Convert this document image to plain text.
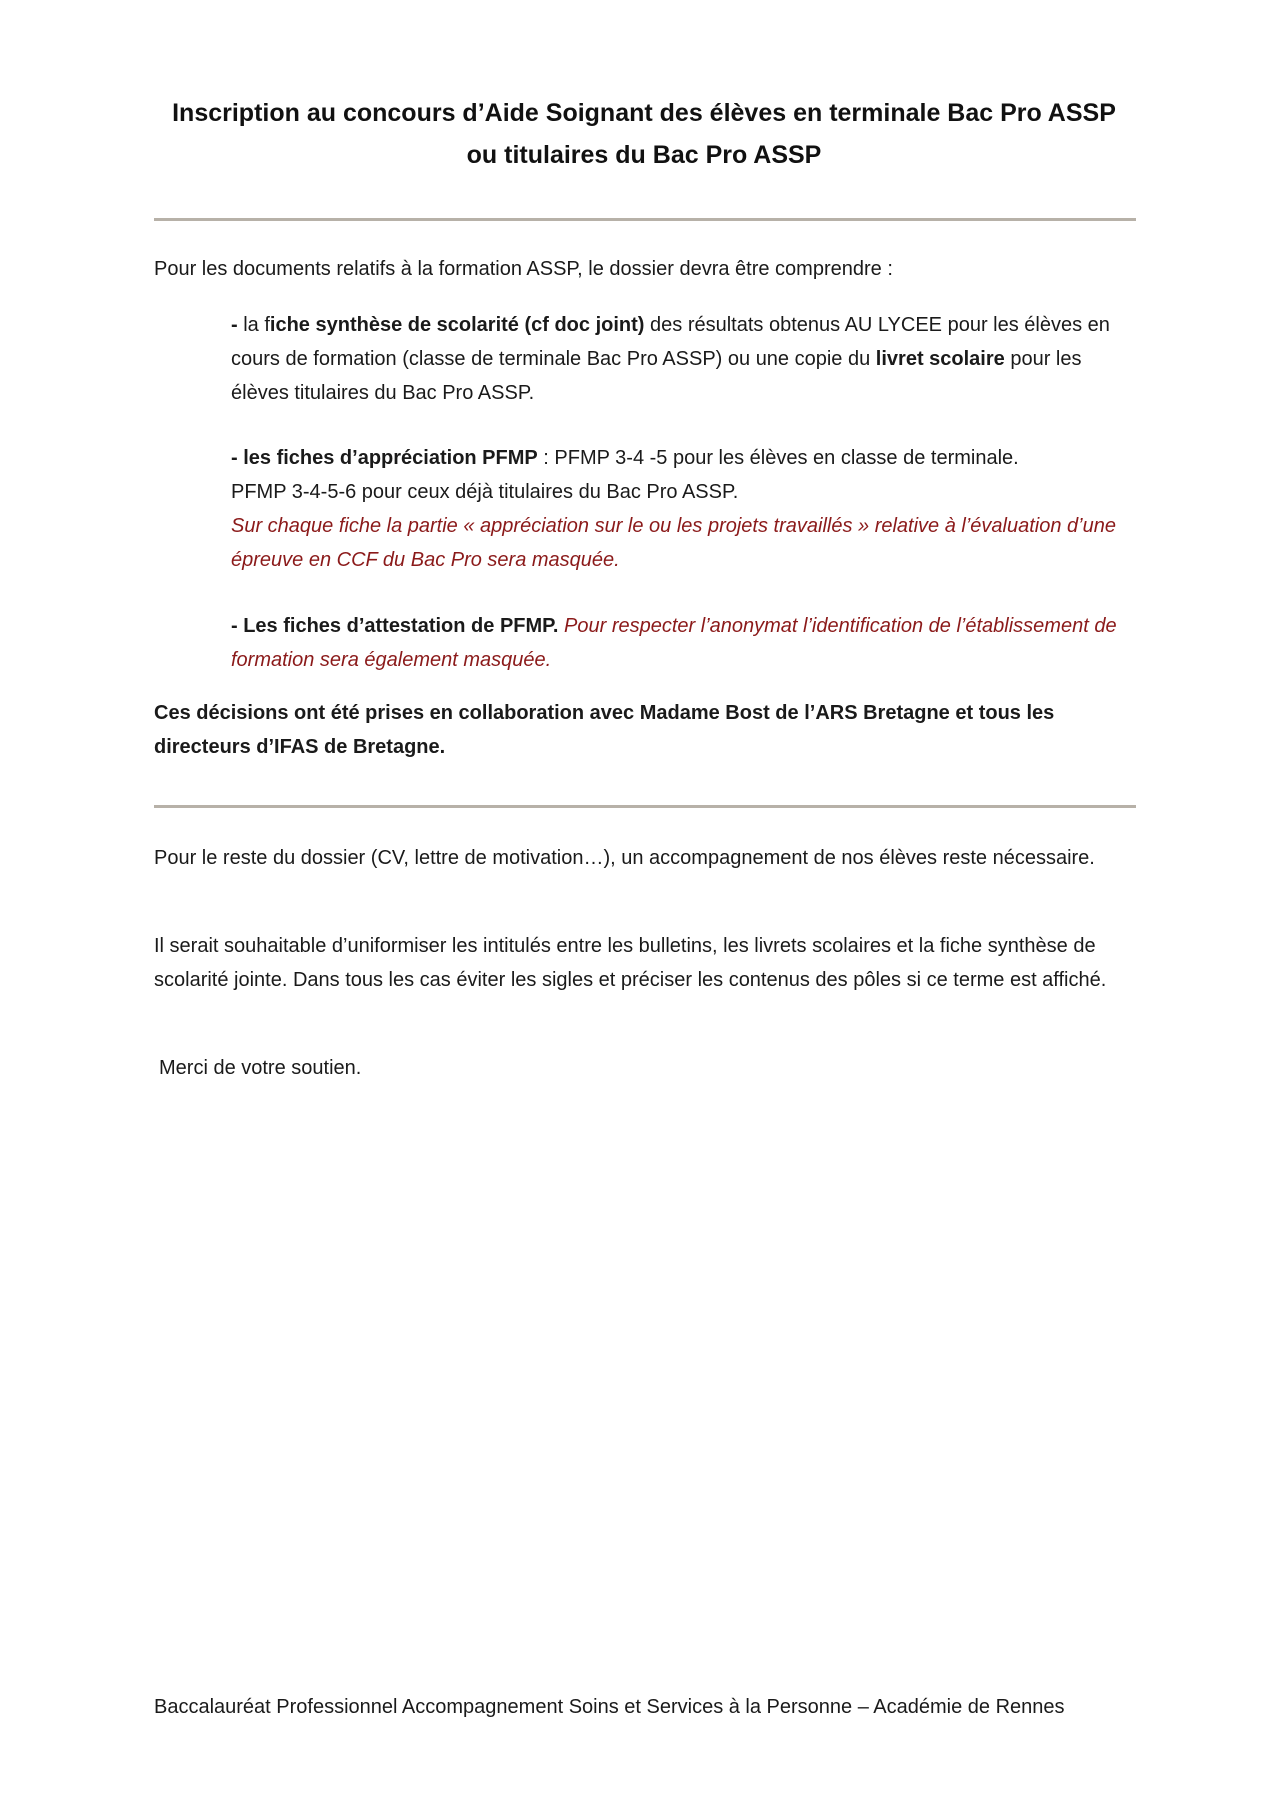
Inscription au concours d’Aide Soignant des élèves en terminale Bac Pro ASSP
ou titulaires du Bac Pro ASSP
Pour les documents relatifs à la formation ASSP, le dossier devra être comprendre :
- la fiche synthèse de scolarité (cf doc joint) des résultats obtenus AU LYCEE pour les élèves en cours de formation (classe de terminale Bac Pro ASSP) ou une copie du livret scolaire pour les élèves titulaires du Bac Pro ASSP.
- les fiches d’appréciation PFMP : PFMP 3-4 -5 pour les élèves en classe de terminale.
PFMP 3-4-5-6 pour ceux déjà titulaires du Bac Pro ASSP.
Sur chaque fiche la partie « appréciation sur le ou les projets travaillés » relative à l’évaluation d’une épreuve en CCF du Bac Pro sera masquée.
- Les fiches d’attestation de PFMP. Pour respecter l’anonymat l’identification de l’établissement de formation sera également masquée.
Ces décisions ont été prises en collaboration avec Madame Bost de l’ARS Bretagne et tous les directeurs d’IFAS de Bretagne.
Pour le reste du dossier (CV, lettre de motivation…), un accompagnement de nos élèves reste nécessaire.
Il serait souhaitable d’uniformiser les intitulés entre les bulletins, les livrets scolaires et la fiche synthèse de scolarité jointe. Dans tous les cas éviter les sigles et préciser les contenus des pôles si ce terme est affiché.
Merci de votre soutien.
Baccalauréat Professionnel Accompagnement Soins et Services à la Personne – Académie de Rennes
